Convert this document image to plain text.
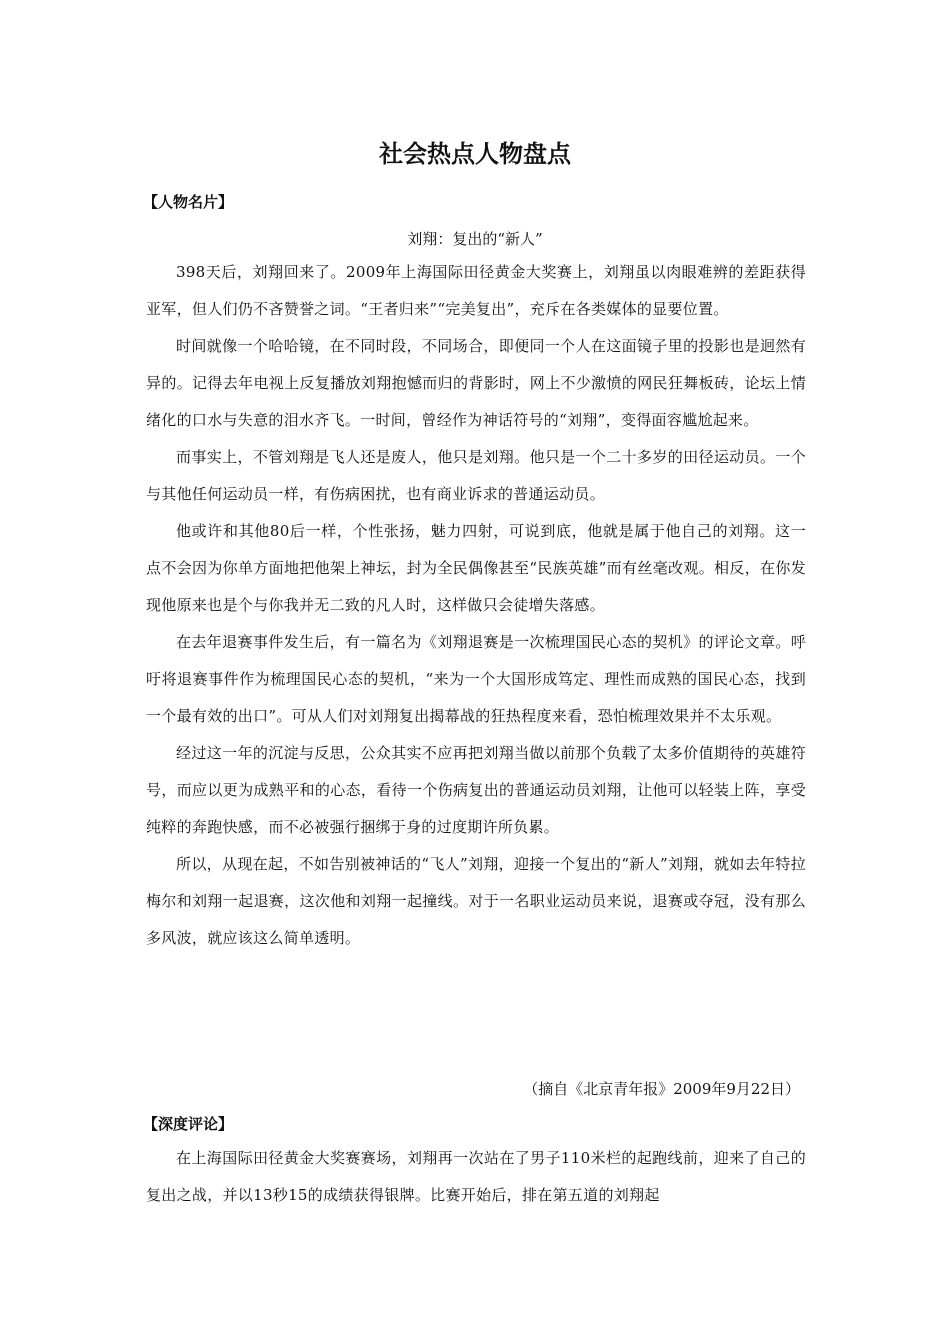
社会热点人物盘点
【人物名片】
刘翔：复出的“新人”

398天后，刘翔回来了。2009年上海国际田径黄金大奖赛上，刘翔虽以肉眼难辨的差距获得亚军，但人们仍不吝赞誉之词。“王者归来”“完美复出”，充斥在各类媒体的显要位置。

时间就像一个哈哈镜，在不同时段，不同场合，即便同一个人在这面镜子里的投影也是迥然有异的。记得去年电视上反复播放刘翔抱憾而归的背影时，网上不少激愤的网民狂舞板砖，论坛上情绪化的口水与失意的泪水齐飞。一时间，曾经作为神话符号的“刘翔”，变得面容尴尬起来。

而事实上，不管刘翔是飞人还是废人，他只是刘翔。他只是一个二十多岁的田径运动员。一个与其他任何运动员一样，有伤病困扰，也有商业诉求的普通运动员。

他或许和其他80后一样，个性张扬，魅力四射，可说到底，他就是属于他自己的刘翔。这一点不会因为你单方面地把他架上神坛，封为全民偶像甚至“民族英雄”而有丝毫改观。相反，在你发现他原来也是个与你我并无二致的凡人时，这样做只会徒增失落感。

在去年退赛事件发生后，有一篇名为《刘翔退赛是一次梳理国民心态的契机》的评论文章。呼吁将退赛事件作为梳理国民心态的契机，“来为一个大国形成笃定、理性而成熟的国民心态，找到一个最有效的出口”。可从人们对刘翔复出揭幕战的狂热程度来看，恐怕梳理效果并不太乐观。

经过这一年的沉淀与反思，公众其实不应再把刘翔当做以前那个负载了太多价值期待的英雄符号，而应以更为成熟平和的心态，看待一个伤病复出的普通运动员刘翔，让他可以轻装上阵，享受纯粹的奔跑快感，而不必被强行捆绑于身的过度期许所负累。

所以，从现在起，不如告别被神话的“飞人”刘翔，迎接一个复出的“新人”刘翔，就如去年特拉梅尔和刘翔一起退赛，这次他和刘翔一起撞线。对于一名职业运动员来说，退赛或夺冠，没有那么多风波，就应该这么简单透明。

（摘自《北京青年报》2009年9月22日）
【深度评论】

在上海国际田径黄金大奖赛赛场，刘翔再一次站在了男子110米栏的起跑线前，迎来了自己的复出之战，并以13秒15的成绩获得银牌。比赛开始后，排在第五道的刘翔起
